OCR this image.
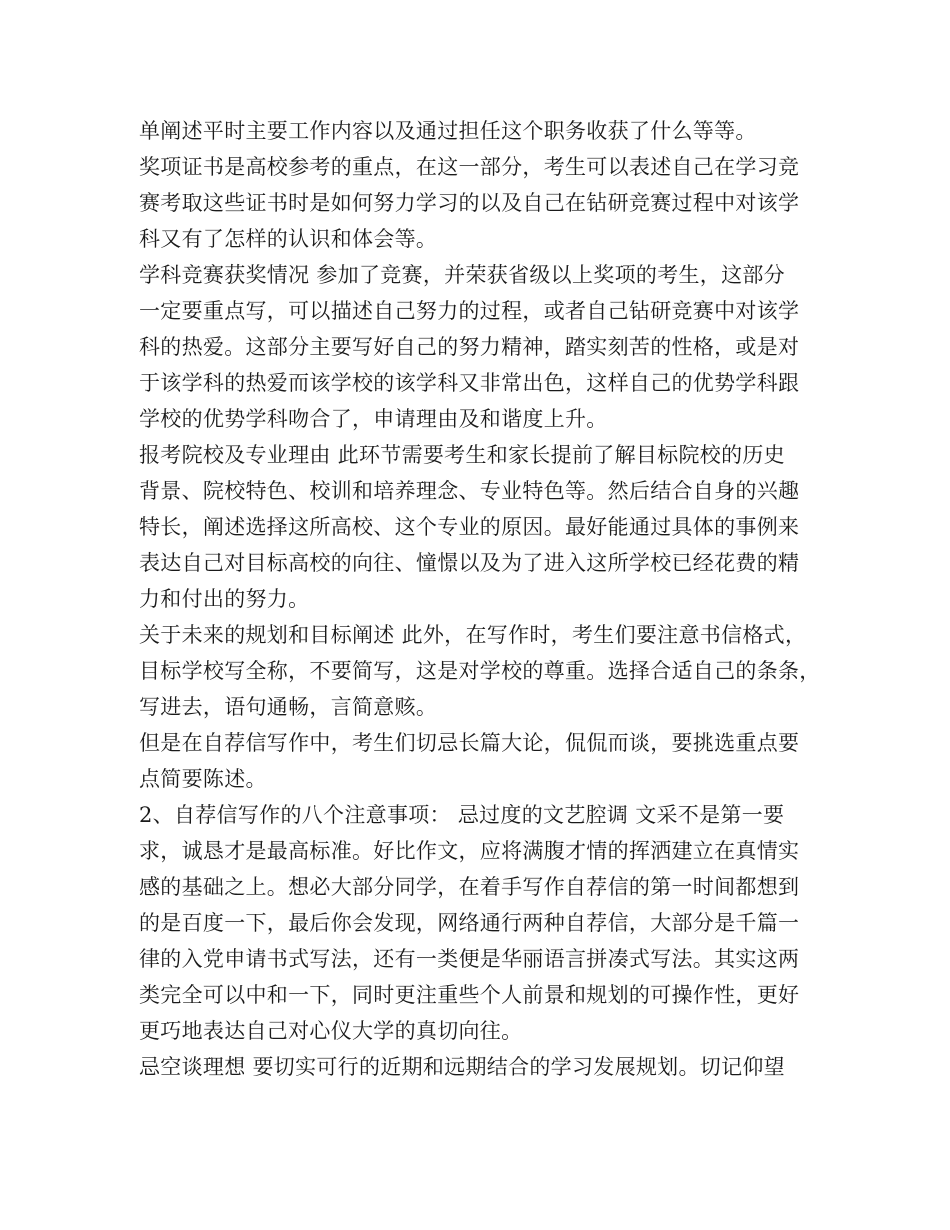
单阐述平时主要工作内容以及通过担任这个职务收获了什么等等。
奖项证书是高校参考的重点，在这一部分，考生可以表述自己在学习竞
赛考取这些证书时是如何努力学习的以及自己在钻研竞赛过程中对该学
科又有了怎样的认识和体会等。
学科竞赛获奖情况 参加了竞赛，并荣获省级以上奖项的考生，这部分
一定要重点写，可以描述自己努力的过程，或者自己钻研竞赛中对该学
科的热爱。这部分主要写好自己的努力精神，踏实刻苦的性格，或是对
于该学科的热爱而该学校的该学科又非常出色，这样自己的优势学科跟
学校的优势学科吻合了，申请理由及和谐度上升。
报考院校及专业理由 此环节需要考生和家长提前了解目标院校的历史
背景、院校特色、校训和培养理念、专业特色等。然后结合自身的兴趣
特长，阐述选择这所高校、这个专业的原因。最好能通过具体的事例来
表达自己对目标高校的向往、憧憬以及为了进入这所学校已经花费的精
力和付出的努力。
关于未来的规划和目标阐述 此外，在写作时，考生们要注意书信格式，
目标学校写全称，不要简写，这是对学校的尊重。选择合适自己的条条，
写进去，语句通畅，言简意赅。
但是在自荐信写作中，考生们切忌长篇大论，侃侃而谈，要挑选重点要
点简要陈述。
2、自荐信写作的八个注意事项： 忌过度的文艺腔调 文采不是第一要
求，诚恳才是最高标准。好比作文，应将满腹才情的挥洒建立在真情实
感的基础之上。想必大部分同学，在着手写作自荐信的第一时间都想到
的是百度一下，最后你会发现，网络通行两种自荐信，大部分是千篇一
律的入党申请书式写法，还有一类便是华丽语言拼凑式写法。其实这两
类完全可以中和一下，同时更注重些个人前景和规划的可操作性，更好
更巧地表达自己对心仪大学的真切向往。
忌空谈理想 要切实可行的近期和远期结合的学习发展规划。切记仰望
